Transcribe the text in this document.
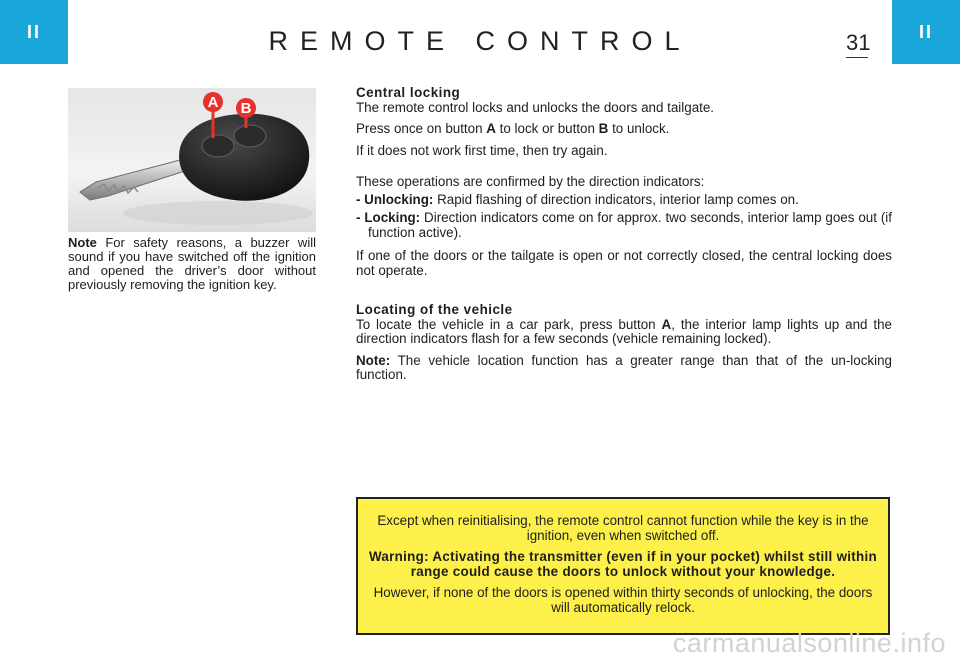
II	REMOTE CONTROL	31	II
A B
Note For safety reasons, a buzzer will sound if you have switched off the ignition and opened the driver’s door without previously removing the ignition key.
Central locking

The remote control locks and unlocks the doors and tailgate.

Press once on button A to lock or button B to unlock.

If it does not work first time, then try again.

These operations are confirmed by the direction indicators:

- Unlocking: Rapid flashing of direction indicators, interior lamp comes on.
- Locking: Direction indicators come on for approx. two seconds, interior lamp goes out (if function active).

If one of the doors or the tailgate is open or not correctly closed, the central locking does not operate.

Locating of the vehicle

To locate the vehicle in a car park, press button A, the interior lamp lights up and the direction indicators flash for a few seconds (vehicle remaining locked).

Note: The vehicle location function has a greater range than that of the un-locking function.

Except when reinitialising, the remote control cannot function while the key is in the ignition, even when switched off.

Warning: Activating the transmitter (even if in your pocket) whilst still within range could cause the doors to unlock without your knowledge.

However, if none of the doors is opened within thirty seconds of unlocking, the doors will automatically relock.

carmanualsonline.info
